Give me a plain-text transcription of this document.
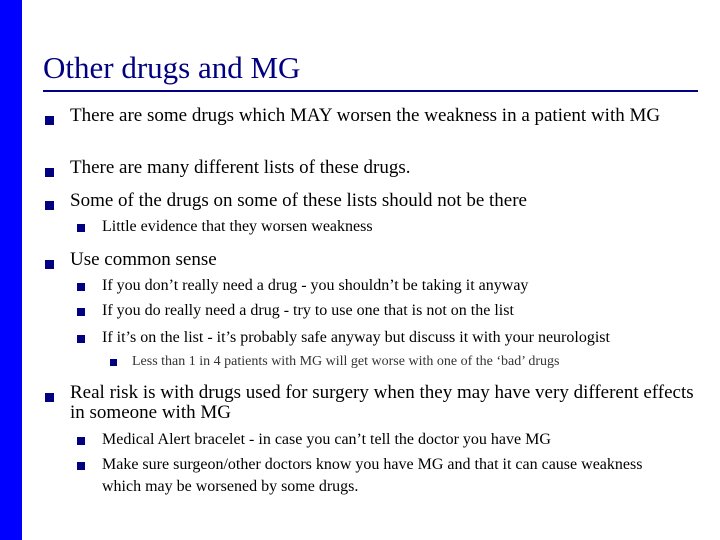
Other drugs and MG
There are some drugs which MAY worsen the weakness in a patient with MG
There are many different lists of these drugs.
Some of the drugs on some of these lists should not be there
Little evidence that they worsen weakness
Use common sense
If you don’t really need a drug - you shouldn’t be taking it anyway
If you do really need a drug - try to use one that is not on the list
If it’s on the list - it’s probably safe anyway but discuss it with your neurologist
Less than 1 in 4 patients with MG will get worse with one of the ‘bad’ drugs
Real risk is with drugs used for surgery when they may have very different effects in someone with MG
Medical Alert bracelet - in case you can’t tell the doctor you have MG
Make sure surgeon/other doctors know you have MG and that it can cause weakness which may be worsened by some drugs.
